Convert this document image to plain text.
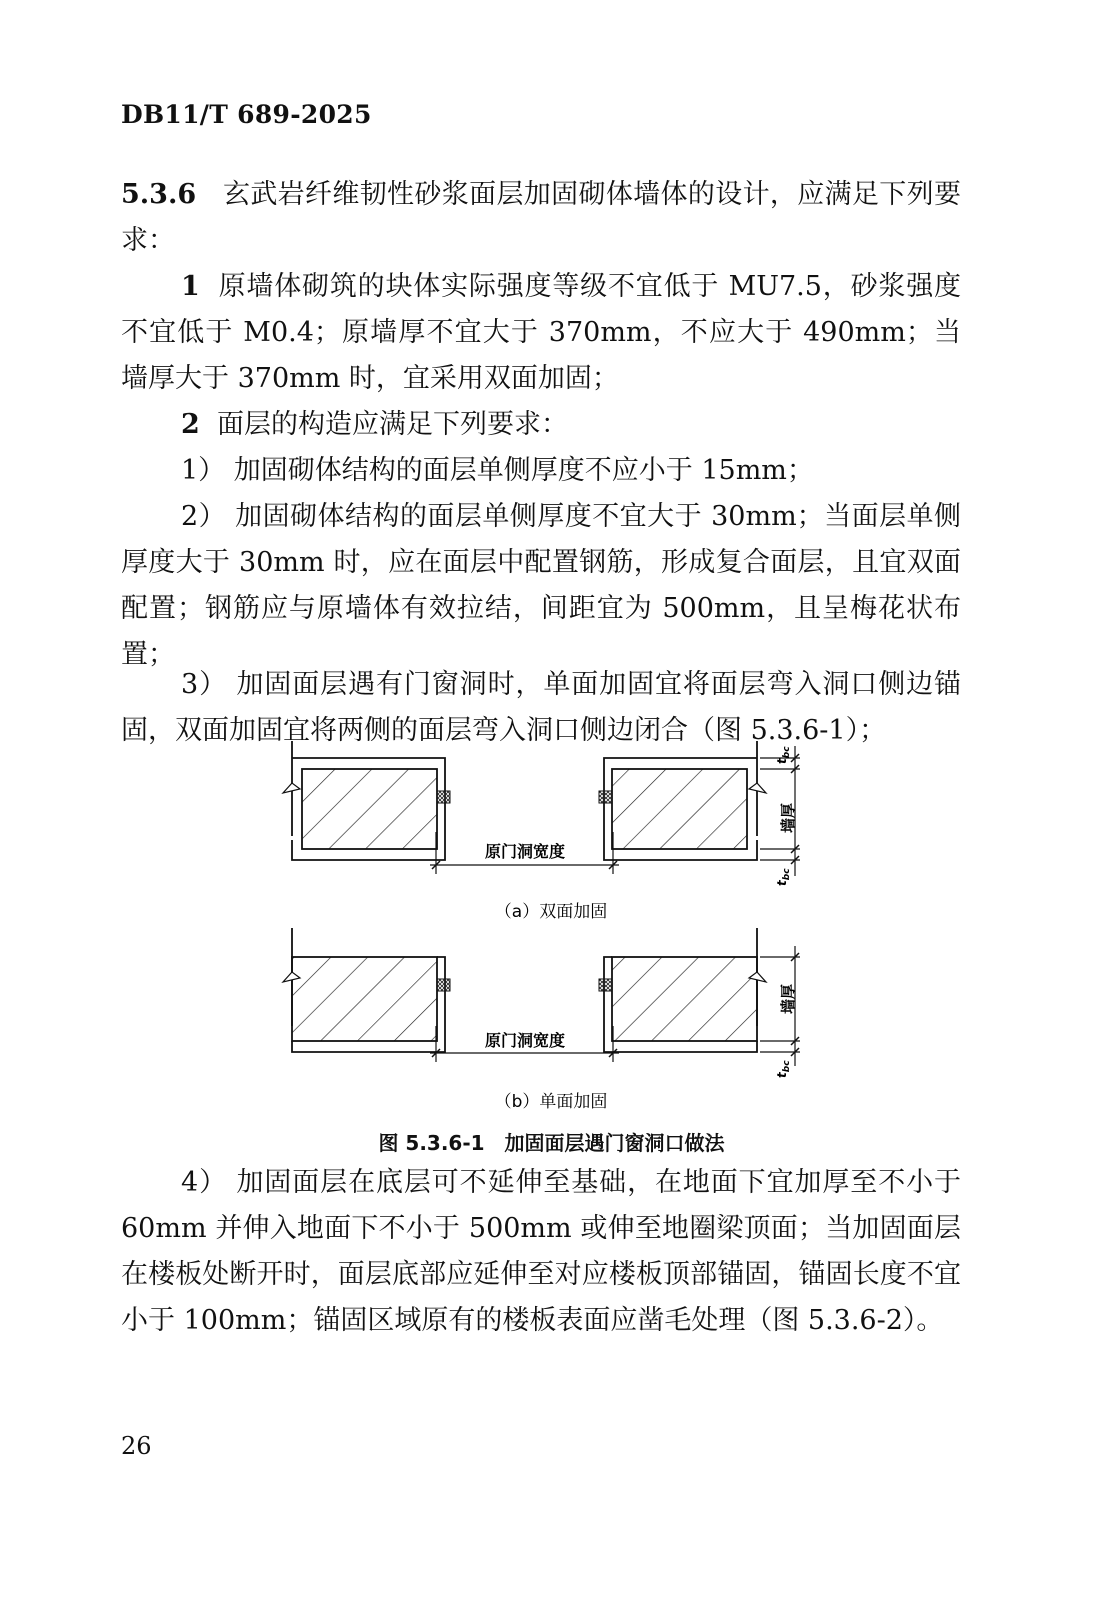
DB11/T 689-2025

5.3.6 玄武岩纤维韧性砂浆面层加固砌体墙体的设计，应满足下列要求：

1 原墙体砌筑的块体实际强度等级不宜低于 MU7.5，砂浆强度不宜低于 M0.4；原墙厚不宜大于 370mm，不应大于 490mm；当墙厚大于 370mm 时，宜采用双面加固；

2 面层的构造应满足下列要求：

1） 加固砌体结构的面层单侧厚度不应小于 15mm；

2） 加固砌体结构的面层单侧厚度不宜大于 30mm；当面层单侧厚度大于 30mm 时，应在面层中配置钢筋，形成复合面层，且宜双面配置；钢筋应与原墙体有效拉结，间距宜为 500mm，且呈梅花状布置；

3） 加固面层遇有门窗洞时，单面加固宜将面层弯入洞口侧边锚固，双面加固宜将两侧的面层弯入洞口侧边闭合（图 5.3.6-1）；

$t_{bc}$
墙厚
$t_{bc}$
原门洞宽度
（a）双面加固
墙厚
$t_{bc}$
原门洞宽度
（b）单面加固
图 5.3.6-1　加固面层遇门窗洞口做法

4） 加固面层在底层可不延伸至基础，在地面下宜加厚至不小于 60mm 并伸入地面下不小于 500mm 或伸至地圈梁顶面；当加固面层在楼板处断开时，面层底部应延伸至对应楼板顶部锚固，锚固长度不宜小于 100mm；锚固区域原有的楼板表面应凿毛处理（图 5.3.6-2）。

26
